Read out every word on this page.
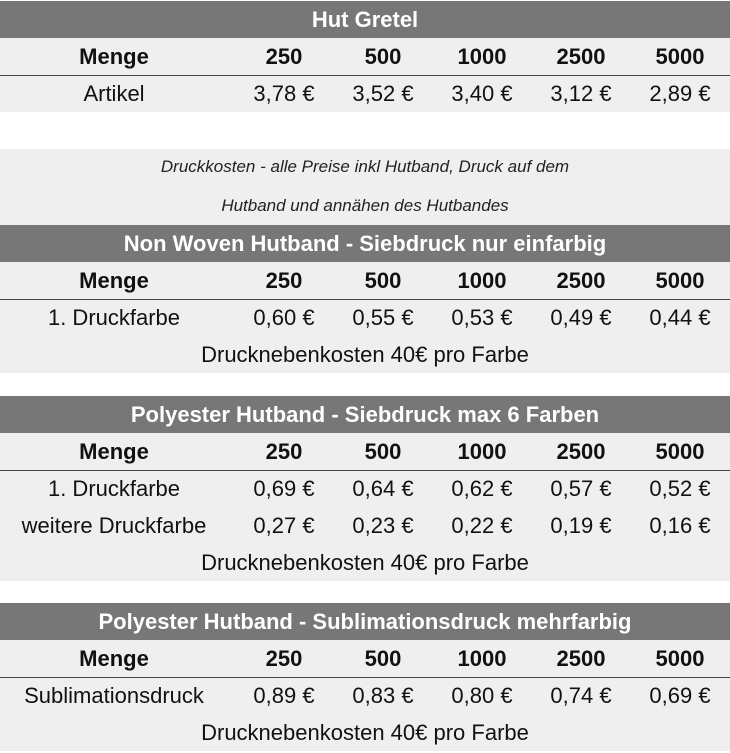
Hut Gretel
Menge	250	500	1000	2500	5000
Artikel	3,78 €	3,52 €	3,40 €	3,12 €	2,89 €
Druckkosten - alle Preise inkl Hutband, Druck auf dem
Hutband und annähen des Hutbandes
Non Woven Hutband - Siebdruck nur einfarbig
Menge	250	500	1000	2500	5000
1. Druckfarbe	0,60 €	0,55 €	0,53 €	0,49 €	0,44 €
Drucknebenkosten 40€ pro Farbe
Polyester Hutband - Siebdruck max 6 Farben
Menge	250	500	1000	2500	5000
1. Druckfarbe	0,69 €	0,64 €	0,62 €	0,57 €	0,52 €
weitere Druckfarbe	0,27 €	0,23 €	0,22 €	0,19 €	0,16 €
Drucknebenkosten 40€ pro Farbe
Polyester Hutband - Sublimationsdruck mehrfarbig
Menge	250	500	1000	2500	5000
Sublimationsdruck	0,89 €	0,83 €	0,80 €	0,74 €	0,69 €
Drucknebenkosten 40€ pro Farbe
